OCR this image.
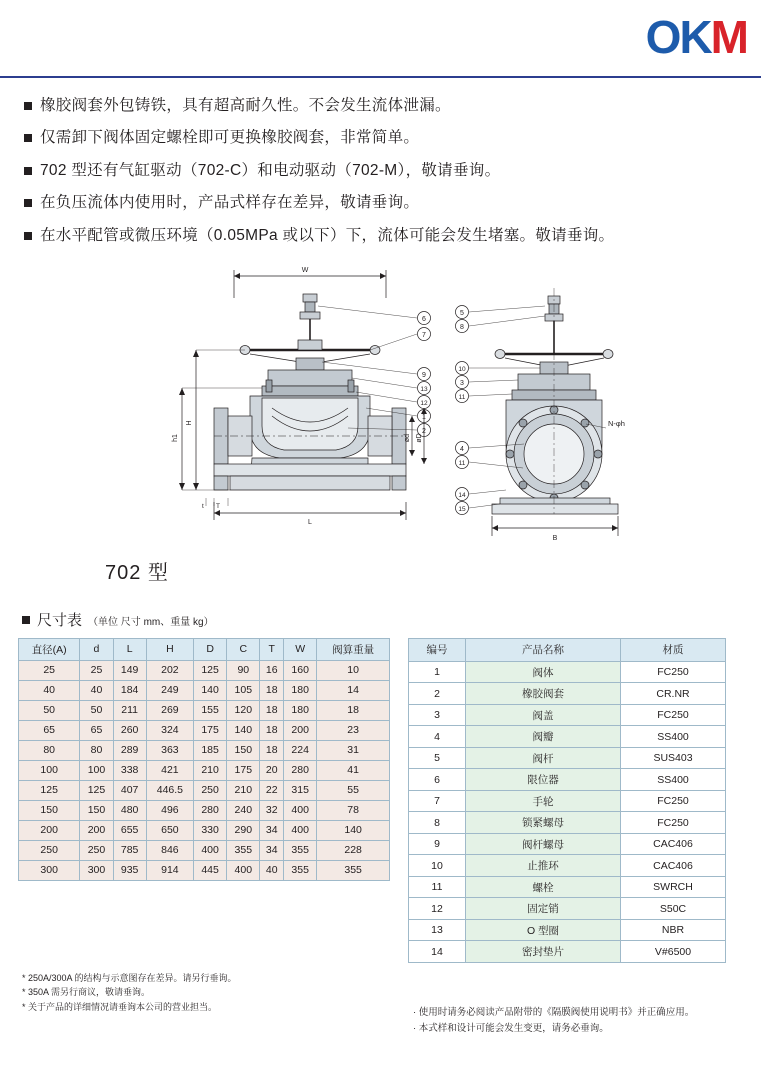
OKM
橡胶阀套外包铸铁，具有超高耐久性。不会发生流体泄漏。
仅需卸下阀体固定螺栓即可更换橡胶阀套，非常简单。
702 型还有气缸驱动（702-C）和电动驱动（702-M），敬请垂询。
在负压流体内使用时，产品式样存在差异，敬请垂询。
在水平配管或微压环境（0.05MPa 或以下）下，流体可能会发生堵塞。敬请垂询。
W
H
h1	ød øD
L
t T
6
7
9
13
12
1
2
B
N-φh
5
8
10
3
11
4
11
14
15
702 型
尺寸表 （单位 尺寸 mm、重量 kg）
直径(A)	d	L	H	D	C	T	W	阀算重量
25	25	149	202	125	90	16	160	10
40	40	184	249	140	105	18	180	14
50	50	211	269	155	120	18	180	18
65	65	260	324	175	140	18	200	23
80	80	289	363	185	150	18	224	31
100	100	338	421	210	175	20	280	41
125	125	407	446.5	250	210	22	315	55
150	150	480	496	280	240	32	400	78
200	200	655	650	330	290	34	400	140
250	250	785	846	400	355	34	355	228
300	300	935	914	445	400	40	355	355
编号	产品名称	材质
1	阀体	FC250
2	橡胶阀套	CR.NR
3	阀盖	FC250
4	阀瓣	SS400
5	阀杆	SUS403
6	限位器	SS400
7	手轮	FC250
8	锁紧螺母	FC250
9	阀杆螺母	CAC406
10	止推环	CAC406
11	螺栓	SWRCH
12	固定销	S50C
13	O 型圈	NBR
14	密封垫片	V#6500
* 250A/300A 的结构与示意图存在差异。请另行垂询。
* 350A 需另行商议，敬请垂询。
* 关于产品的详细情况请垂询本公司的营业担当。	· 使用时请务必阅读产品附带的《隔膜阀使用说明书》并正确应用。
· 本式样和设计可能会发生变更，请务必垂询。
